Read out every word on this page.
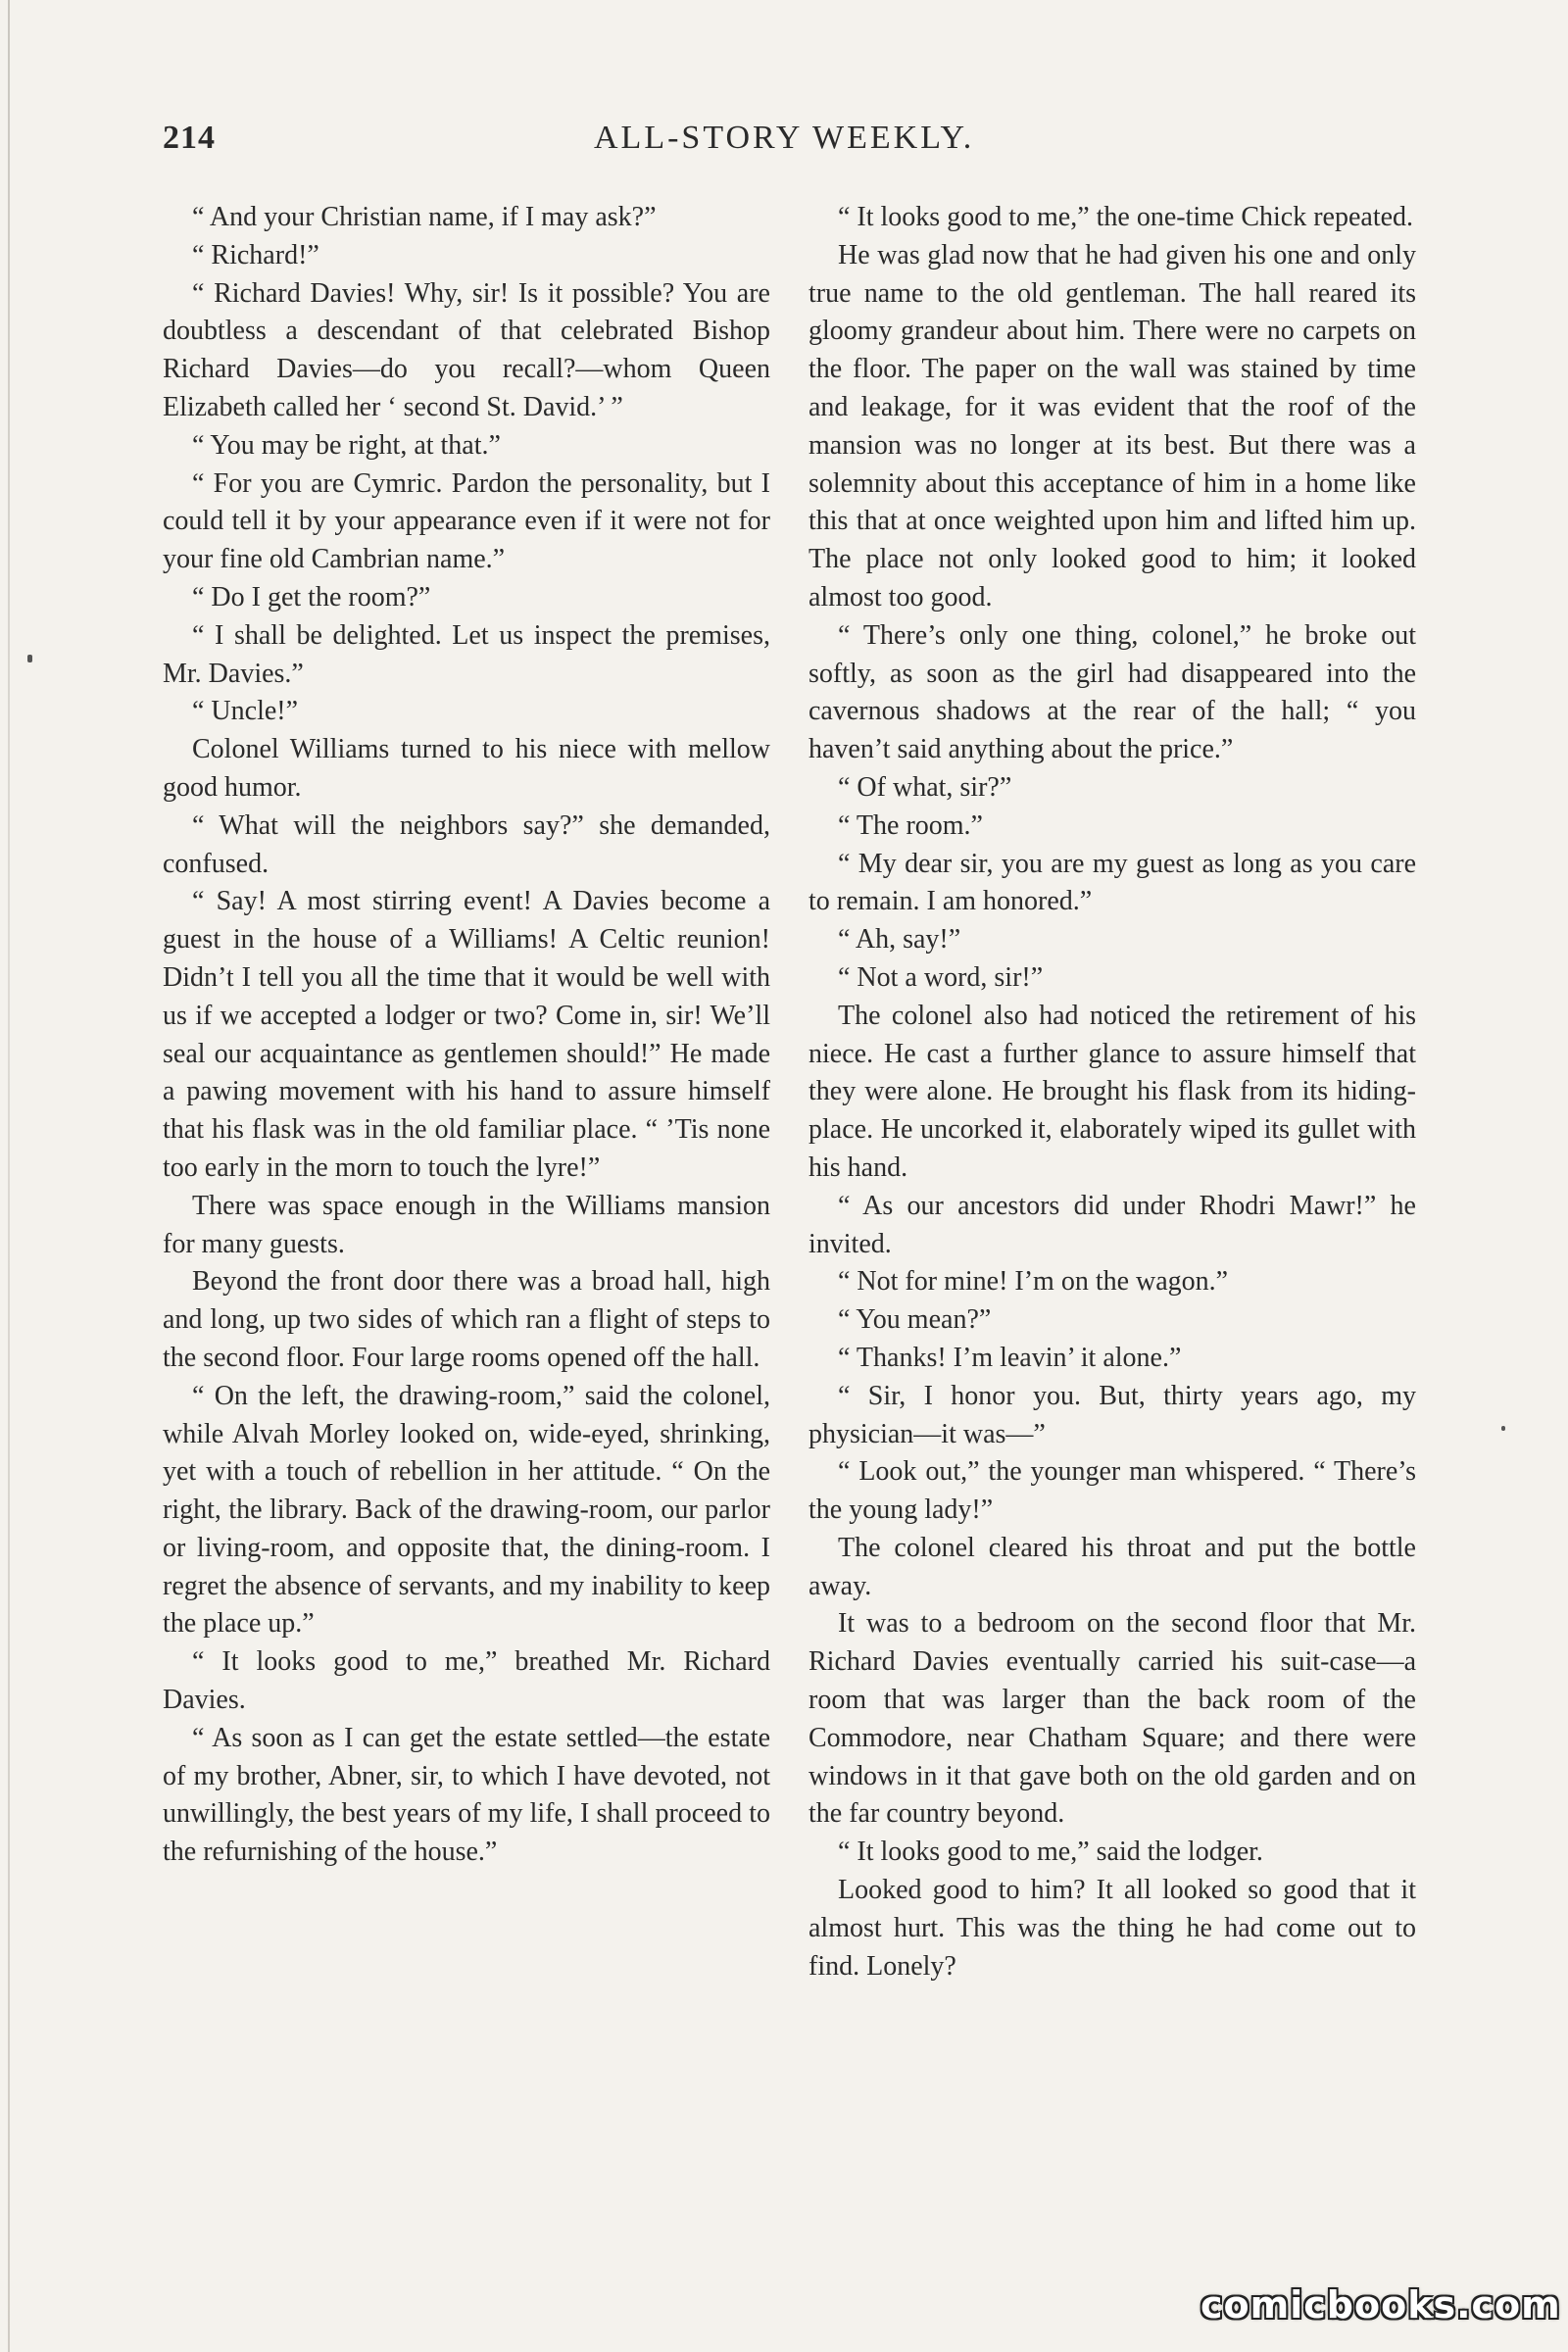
214	ALL-STORY WEEKLY.

“ And your Christian name, if I may ask?”

“ Richard!”

“ Richard Davies! Why, sir! Is it possible? You are doubtless a descendant of that celebrated Bishop Richard Davies—do you recall?—whom Queen Elizabeth called her ‘ second St. David.’ ”

“ You may be right, at that.”

“ For you are Cymric. Pardon the personality, but I could tell it by your appearance even if it were not for your fine old Cambrian name.”

“ Do I get the room?”

“ I shall be delighted. Let us inspect the premises, Mr. Davies.”

“ Uncle!”

Colonel Williams turned to his niece with mellow good humor.

“ What will the neighbors say?” she demanded, confused.

“ Say! A most stirring event! A Davies become a guest in the house of a Williams! A Celtic reunion! Didn’t I tell you all the time that it would be well with us if we accepted a lodger or two? Come in, sir! We’ll seal our acquaintance as gentlemen should!” He made a pawing movement with his hand to assure himself that his flask was in the old familiar place. “ ’Tis none too early in the morn to touch the lyre!”

There was space enough in the Williams mansion for many guests.

Beyond the front door there was a broad hall, high and long, up two sides of which ran a flight of steps to the second floor. Four large rooms opened off the hall.

“ On the left, the drawing-room,” said the colonel, while Alvah Morley looked on, wide-eyed, shrinking, yet with a touch of rebellion in her attitude. “ On the right, the library. Back of the drawing-room, our parlor or living-room, and opposite that, the dining-room. I regret the absence of servants, and my inability to keep the place up.”

“ It looks good to me,” breathed Mr. Richard Davies.

“ As soon as I can get the estate settled—the estate of my brother, Abner, sir, to which I have devoted, not unwillingly, the best years of my life, I shall proceed to the refurnishing of the house.”

“ It looks good to me,” the one-time Chick repeated.

He was glad now that he had given his one and only true name to the old gentleman. The hall reared its gloomy grandeur about him. There were no carpets on the floor. The paper on the wall was stained by time and leakage, for it was evident that the roof of the mansion was no longer at its best. But there was a solemnity about this acceptance of him in a home like this that at once weighted upon him and lifted him up. The place not only looked good to him; it looked almost too good.

“ There’s only one thing, colonel,” he broke out softly, as soon as the girl had disappeared into the cavernous shadows at the rear of the hall; “ you haven’t said anything about the price.”

“ Of what, sir?”

“ The room.”

“ My dear sir, you are my guest as long as you care to remain. I am honored.”

“ Ah, say!”

“ Not a word, sir!”

The colonel also had noticed the retirement of his niece. He cast a further glance to assure himself that they were alone. He brought his flask from its hiding-place. He uncorked it, elaborately wiped its gullet with his hand.

“ As our ancestors did under Rhodri Mawr!” he invited.

“ Not for mine! I’m on the wagon.”

“ You mean?”

“ Thanks! I’m leavin’ it alone.”

“ Sir, I honor you. But, thirty years ago, my physician—it was—”

“ Look out,” the younger man whispered. “ There’s the young lady!”

The colonel cleared his throat and put the bottle away.

It was to a bedroom on the second floor that Mr. Richard Davies eventually carried his suit-case—a room that was larger than the back room of the Commodore, near Chatham Square; and there were windows in it that gave both on the old garden and on the far country beyond.

“ It looks good to me,” said the lodger.

Looked good to him? It all looked so good that it almost hurt. This was the thing he had come out to find. Lonely?

comicbooks.com
